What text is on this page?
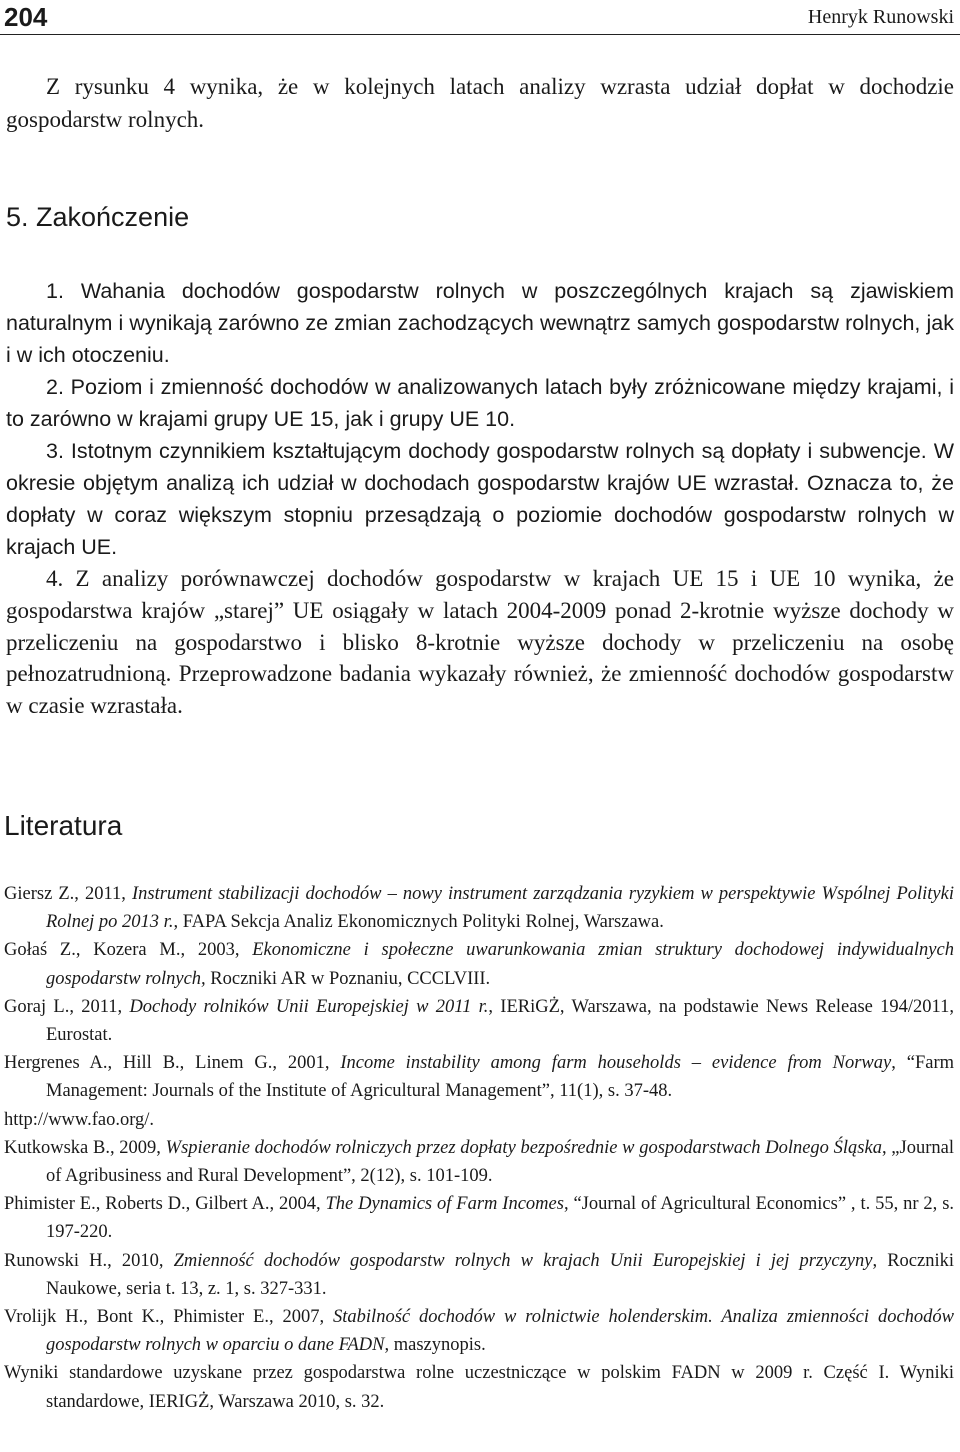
204	Henryk Runowski

Z rysunku 4 wynika, że w kolejnych latach analizy wzrasta udział dopłat w dochodzie gospodarstw rolnych.

5. Zakończenie

1. Wahania dochodów gospodarstw rolnych w poszczególnych krajach są zjawiskiem naturalnym i wynikają zarówno ze zmian zachodzących wewnątrz samych gospodarstw rolnych, jak i w ich otoczeniu.

2. Poziom i zmienność dochodów w analizowanych latach były zróżnicowane między krajami, i to zarówno w krajami grupy UE 15, jak i grupy UE 10.

3. Istotnym czynnikiem kształtującym dochody gospodarstw rolnych są dopłaty i subwencje. W okresie objętym analizą ich udział w dochodach gospodarstw krajów UE wzrastał. Oznacza to, że dopłaty w coraz większym stopniu przesądzają o poziomie dochodów gospodarstw rolnych w krajach UE.

4. Z analizy porównawczej dochodów gospodarstw w krajach UE 15 i UE 10 wynika, że gospodarstwa krajów „starej” UE osiągały w latach 2004-2009 ponad 2-krotnie wyższe dochody w przeliczeniu na gospodarstwo i blisko 8-krotnie wyższe dochody w przeliczeniu na osobę pełnozatrudnioną. Przeprowadzone badania wykazały również, że zmienność dochodów gospodarstw w czasie wzrastała.

Literatura

Giersz Z., 2011, Instrument stabilizacji dochodów – nowy instrument zarządzania ryzykiem w perspektywie Wspólnej Polityki Rolnej po 2013 r., FAPA Sekcja Analiz Ekonomicznych Polityki Rolnej, Warszawa.

Gołaś Z., Kozera M., 2003, Ekonomiczne i społeczne uwarunkowania zmian struktury dochodowej indywidualnych gospodarstw rolnych, Roczniki AR w Poznaniu, CCCLVIII.

Goraj L., 2011, Dochody rolników Unii Europejskiej w 2011 r., IERiGŻ, Warszawa, na podstawie News Release 194/2011, Eurostat.

Hergrenes A., Hill B., Linem G., 2001, Income instability among farm households – evidence from Norway, “Farm Management: Journals of the Institute of Agricultural Management”, 11(1), s. 37-48.

http://www.fao.org/.

Kutkowska B., 2009, Wspieranie dochodów rolniczych przez dopłaty bezpośrednie w gospodarstwach Dolnego Śląska, „Journal of Agribusiness and Rural Development”, 2(12), s. 101-109.

Phimister E., Roberts D., Gilbert A., 2004, The Dynamics of Farm Incomes, “Journal of Agricultural Economics” , t. 55, nr 2, s. 197-220.

Runowski H., 2010, Zmienność dochodów gospodarstw rolnych w krajach Unii Europejskiej i jej przyczyny, Roczniki Naukowe, seria t. 13, z. 1, s. 327-331.

Vrolijk H., Bont K., Phimister E., 2007, Stabilność dochodów w rolnictwie holenderskim. Analiza zmienności dochodów gospodarstw rolnych w oparciu o dane FADN, maszynopis.

Wyniki standardowe uzyskane przez gospodarstwa rolne uczestniczące w polskim FADN w 2009 r. Część I. Wyniki standardowe, IERIGŻ, Warszawa 2010, s. 32.
